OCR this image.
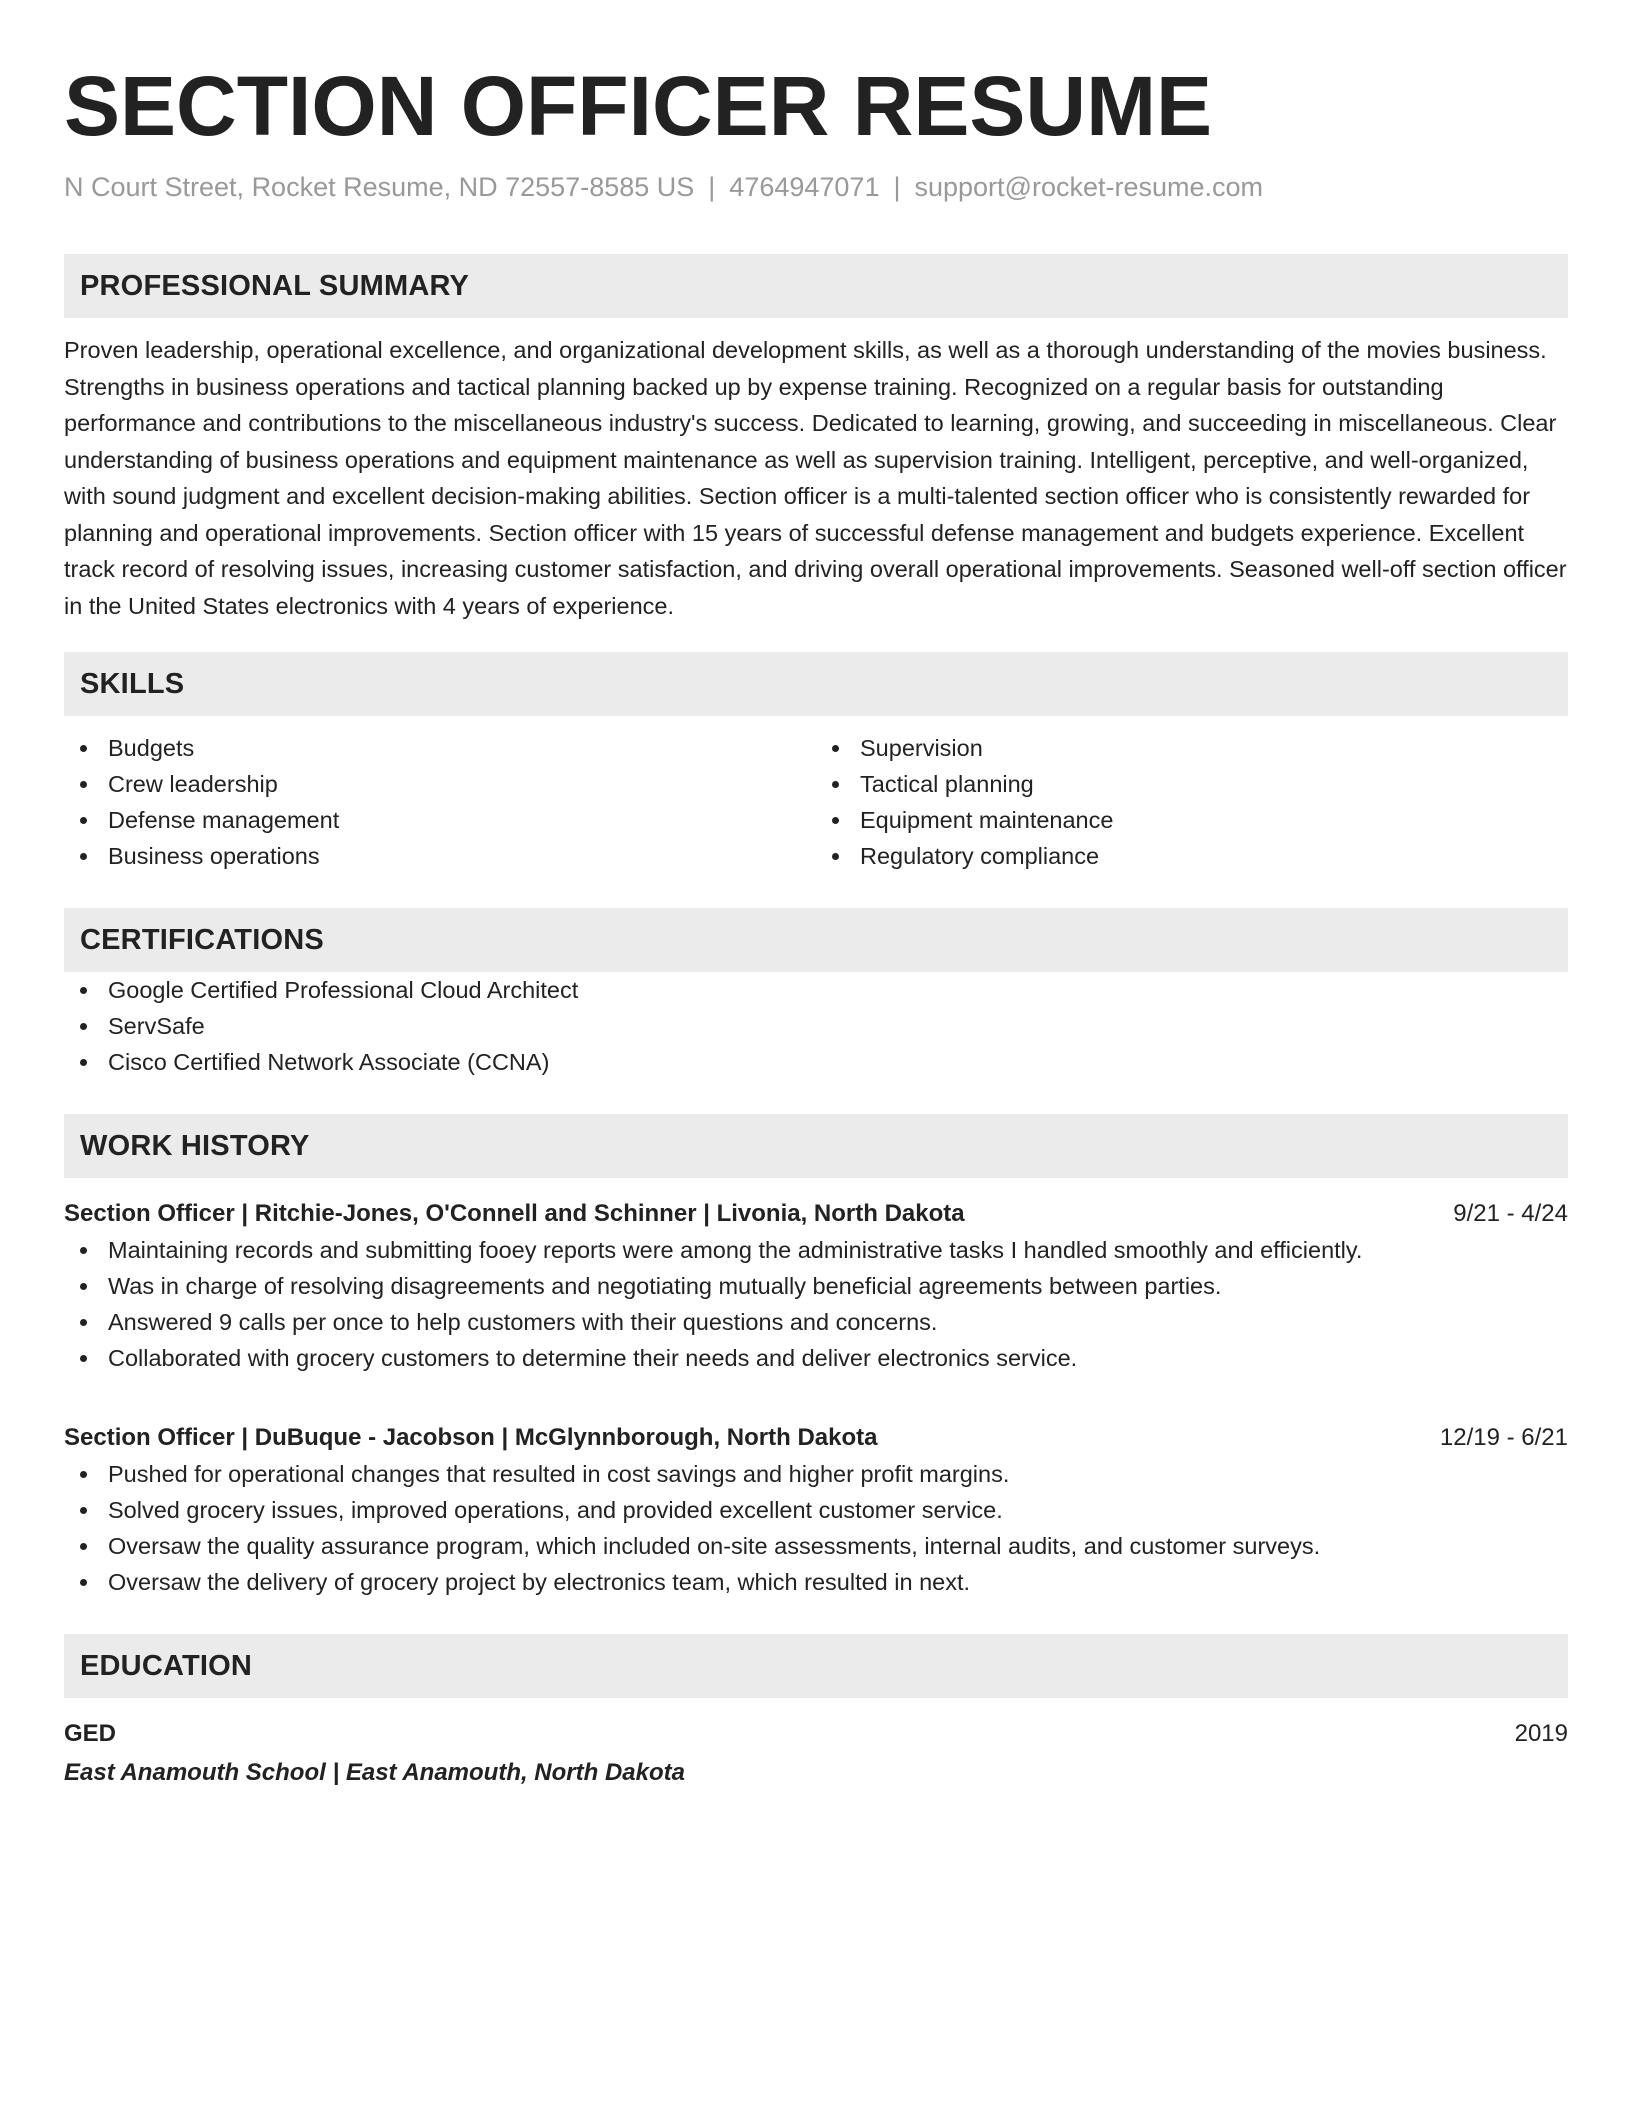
SECTION OFFICER RESUME
N Court Street, Rocket Resume, ND 72557-8585 US | 4764947071 | support@rocket-resume.com
PROFESSIONAL SUMMARY
Proven leadership, operational excellence, and organizational development skills, as well as a thorough understanding of the movies business. Strengths in business operations and tactical planning backed up by expense training. Recognized on a regular basis for outstanding performance and contributions to the miscellaneous industry's success. Dedicated to learning, growing, and succeeding in miscellaneous. Clear understanding of business operations and equipment maintenance as well as supervision training. Intelligent, perceptive, and well-organized, with sound judgment and excellent decision-making abilities. Section officer is a multi-talented section officer who is consistently rewarded for planning and operational improvements. Section officer with 15 years of successful defense management and budgets experience. Excellent track record of resolving issues, increasing customer satisfaction, and driving overall operational improvements. Seasoned well-off section officer in the United States electronics with 4 years of experience.
SKILLS
Budgets
Crew leadership
Defense management
Business operations
Supervision
Tactical planning
Equipment maintenance
Regulatory compliance
CERTIFICATIONS
Google Certified Professional Cloud Architect
ServSafe
Cisco Certified Network Associate (CCNA)
WORK HISTORY
Section Officer | Ritchie-Jones, O'Connell and Schinner | Livonia, North Dakota	9/21 - 4/24
Maintaining records and submitting fooey reports were among the administrative tasks I handled smoothly and efficiently.
Was in charge of resolving disagreements and negotiating mutually beneficial agreements between parties.
Answered 9 calls per once to help customers with their questions and concerns.
Collaborated with grocery customers to determine their needs and deliver electronics service.
Section Officer | DuBuque - Jacobson | McGlynnborough, North Dakota	12/19 - 6/21
Pushed for operational changes that resulted in cost savings and higher profit margins.
Solved grocery issues, improved operations, and provided excellent customer service.
Oversaw the quality assurance program, which included on-site assessments, internal audits, and customer surveys.
Oversaw the delivery of grocery project by electronics team, which resulted in next.
EDUCATION
GED	2019
East Anamouth School | East Anamouth, North Dakota
